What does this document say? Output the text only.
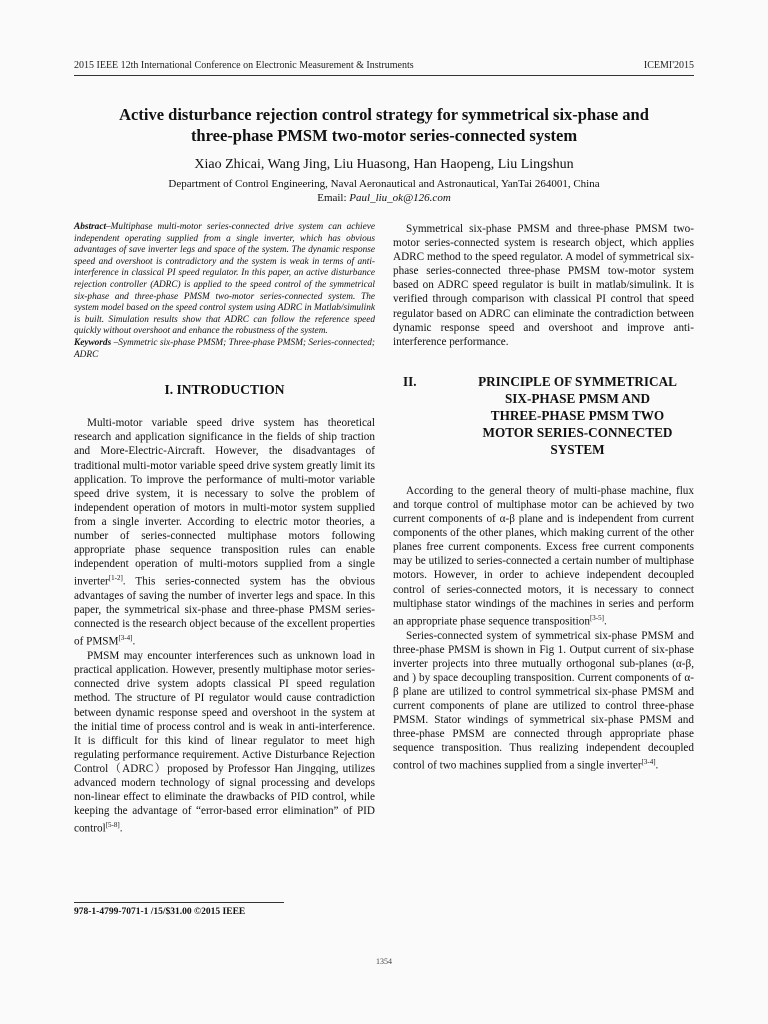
2015 IEEE 12th International Conference on Electronic Measurement & Instruments	ICEMI'2015
Active disturbance rejection control strategy for symmetrical six-phase and
three-phase PMSM two-motor series-connected system
Xiao Zhicai, Wang Jing, Liu Huasong, Han Haopeng, Liu Lingshun
Department of Control Engineering, Naval Aeronautical and Astronautical, YanTai 264001, China
Email: Paul_liu_ok@126.com

Abstract–Multiphase multi-motor series-connected drive system can achieve independent operating supplied from a single inverter, which has obvious advantages of save inverter legs and space of the system. The dynamic response speed and overshoot is contradictory and the system is weak in terms of anti-interference in classical PI speed regulator. In this paper, an active disturbance rejection controller (ADRC) is applied to the speed control of the symmetrical six-phase and three-phase PMSM two-motor series-connected system. The system model based on the speed control system using ADRC in Matlab/simulink is built. Simulation results show that ADRC can follow the reference speed quickly without overshoot and enhance the robustness of the system.

Keywords –Symmetric six-phase PMSM; Three-phase PMSM; Series-connected; ADRC

I. INTRODUCTION

Multi-motor variable speed drive system has theoretical research and application significance in the fields of ship traction and More-Electric-Aircraft. However, the disadvantages of traditional multi-motor variable speed drive system greatly limit its application. To improve the performance of multi-motor variable speed drive system, it is necessary to solve the problem of independent operation of motors in multi-motor system supplied from a single inverter. According to electric motor theories, a number of series-connected multiphase motors following appropriate phase sequence transposition rules can enable independent operation of multi-motors supplied from a single inverter[1-2]. This series-connected system has the obvious advantages of saving the number of inverter legs and space. In this paper, the symmetrical six-phase and three-phase PMSM series-connected is the research object because of the excellent properties of PMSM[3-4].

PMSM may encounter interferences such as unknown load in practical application. However, presently multiphase motor series-connected drive system adopts classical PI speed regulation method. The structure of PI regulator would cause contradiction between dynamic response speed and overshoot in the system at the initial time of process control and is weak in anti-interference. It is difficult for this kind of linear regulator to meet high regulating performance requirement. Active Disturbance Rejection Control（ADRC）proposed by Professor Han Jingqing, utilizes advanced modern technology of signal processing and develops non-linear effect to eliminate the drawbacks of PID control, while keeping the advantage of “error-based error elimination” of PID control[5-8].

Symmetrical six-phase PMSM and three-phase PMSM two-motor series-connected system is research object, which applies ADRC method to the speed regulator. A model of symmetrical six-phase series-connected three-phase PMSM tow-motor system based on ADRC speed regulator is built in matlab/simulink. It is verified through comparison with classical PI control that speed regulator based on ADRC can eliminate the contradiction between dynamic response speed and overshoot and improve anti-interference performance.

II.	PRINCIPLE OF SYMMETRICAL
SIX-PHASE PMSM AND
THREE-PHASE PMSM TWO
MOTOR SERIES-CONNECTED
SYSTEM

According to the general theory of multi-phase machine, flux and torque control of multiphase motor can be achieved by two current components of α-β plane and is independent from current components of the other planes, which making current of the other planes free current components. Excess free current components may be utilized to series-connected a certain number of multiphase motors. However, in order to achieve independent decoupled control of series-connected motors, it is necessary to connect multiphase stator windings of the machines in series and perform an appropriate phase sequence transposition[3-5].

Series-connected system of symmetrical six-phase PMSM and three-phase PMSM is shown in Fig 1. Output current of six-phase inverter projects into three mutually orthogonal sub-planes (α-β, and ) by space decoupling transposition. Current components of α-β plane are utilized to control symmetrical six-phase PMSM and current components of plane are utilized to control three-phase PMSM. Stator windings of symmetrical six-phase PMSM and three-phase PMSM are connected through appropriate phase sequence transposition. Thus realizing independent decoupled control of two machines supplied from a single inverter[3-4].

978-1-4799-7071-1 /15/$31.00 ©2015 IEEE
1354
